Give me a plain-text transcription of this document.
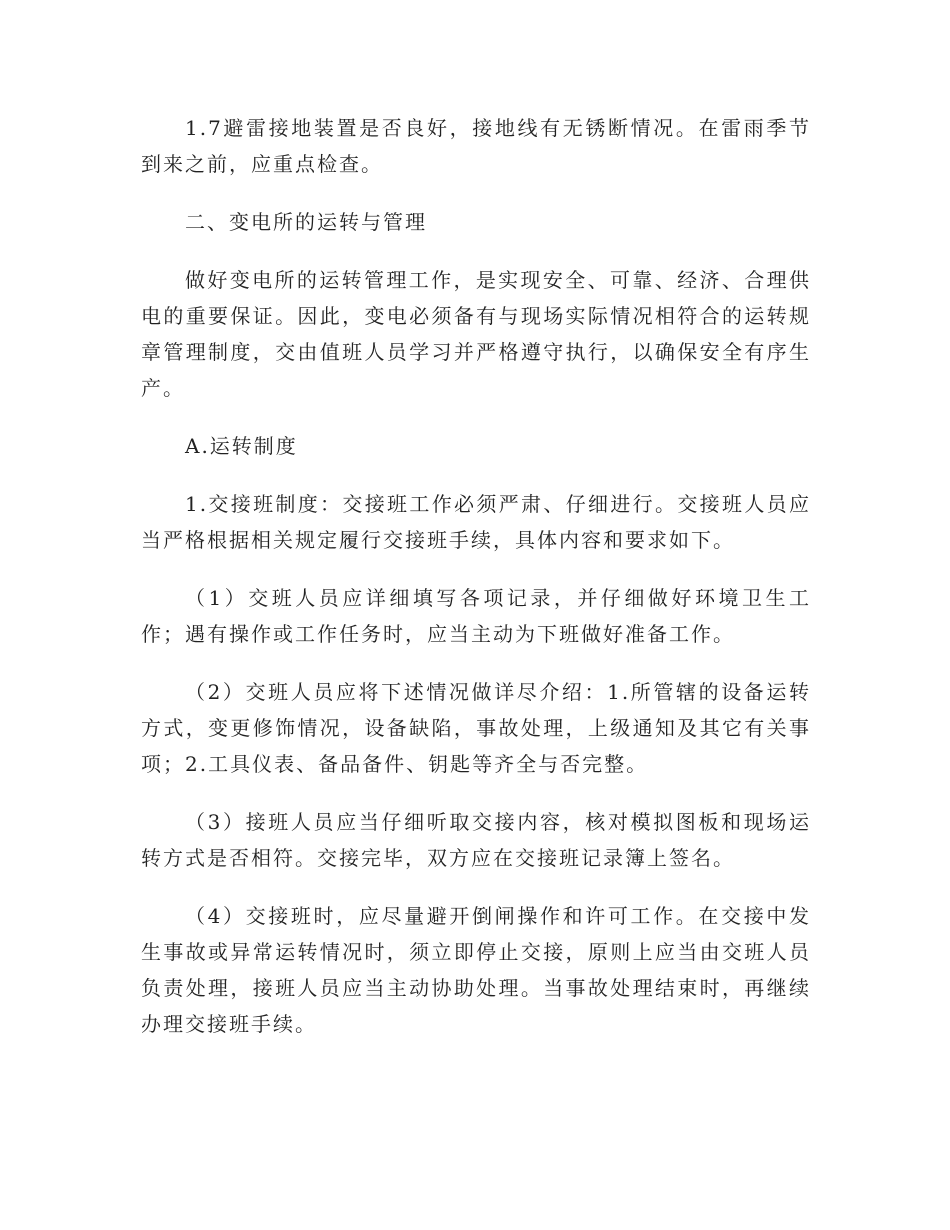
1.7避雷接地装置是否良好，接地线有无锈断情况。在雷雨季节到来之前，应重点检查。

二、变电所的运转与管理

做好变电所的运转管理工作，是实现安全、可靠、经济、合理供电的重要保证。因此，变电必须备有与现场实际情况相符合的运转规章管理制度，交由值班人员学习并严格遵守执行，以确保安全有序生产。

A.运转制度

1.交接班制度：交接班工作必须严肃、仔细进行。交接班人员应当严格根据相关规定履行交接班手续，具体内容和要求如下。

（1）交班人员应详细填写各项记录，并仔细做好环境卫生工作；遇有操作或工作任务时，应当主动为下班做好准备工作。

（2）交班人员应将下述情况做详尽介绍：1.所管辖的设备运转方式，变更修饰情况，设备缺陷，事故处理，上级通知及其它有关事项；2.工具仪表、备品备件、钥匙等齐全与否完整。

（3）接班人员应当仔细听取交接内容，核对模拟图板和现场运转方式是否相符。交接完毕，双方应在交接班记录簿上签名。

（4）交接班时，应尽量避开倒闸操作和许可工作。在交接中发生事故或异常运转情况时，须立即停止交接，原则上应当由交班人员负责处理，接班人员应当主动协助处理。当事故处理结束时，再继续办理交接班手续。
